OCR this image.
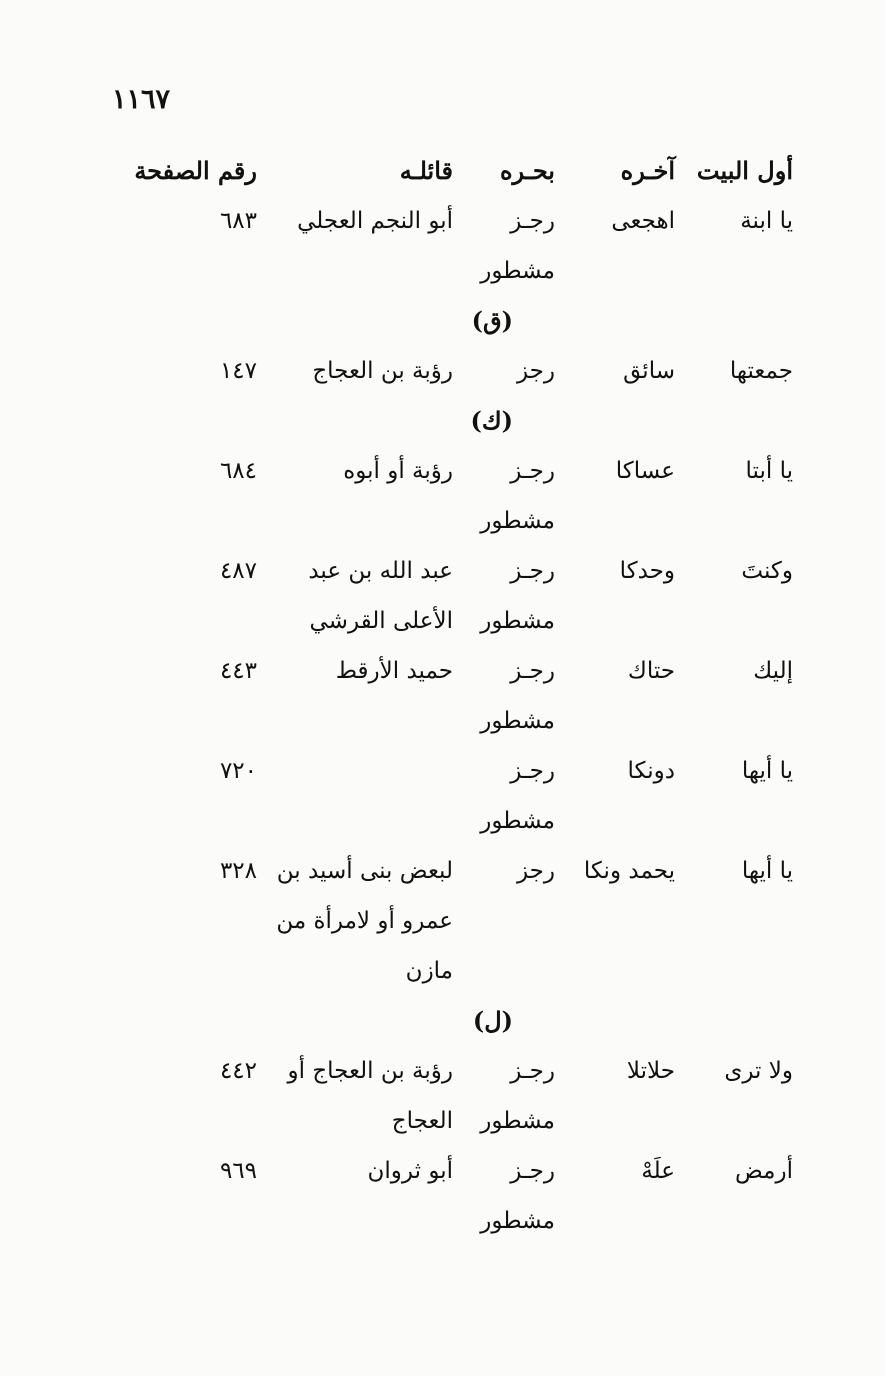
١١٦٧
أول البيت
آخـره
بحـره
قائلـه
رقم الصفحة
يا ابنة
اهجعى
رجـز
أبو النجم العجلي
٦٨٣
مشطور
(ق)
جمعتها
سائق
رجز
رؤبة بن العجاج
١٤٧
(ك)
يا أبتا
عساكا
رجـز
رؤبة أو أبوه
٦٨٤
مشطور
وكنتَ
وحدكا
رجـز
عبد الله بن عبد
٤٨٧
مشطور
الأعلى القرشي
إليك
حتاك
رجـز
حميد الأرقط
٤٤٣
مشطور
يا أيها
دونكا
رجـز
٧٢٠
مشطور
يا أيها
يحمد ونكا
رجز
لبعض بنى أسيد بن
٣٢٨
عمرو أو لامرأة من
مازن
(ل)
ولا ترى
حلاتلا
رجـز
رؤبة بن العجاج أو
٤٤٢
مشطور
العجاج
أرمض
علَهْ
رجـز
أبو ثروان
٩٦٩
مشطور
